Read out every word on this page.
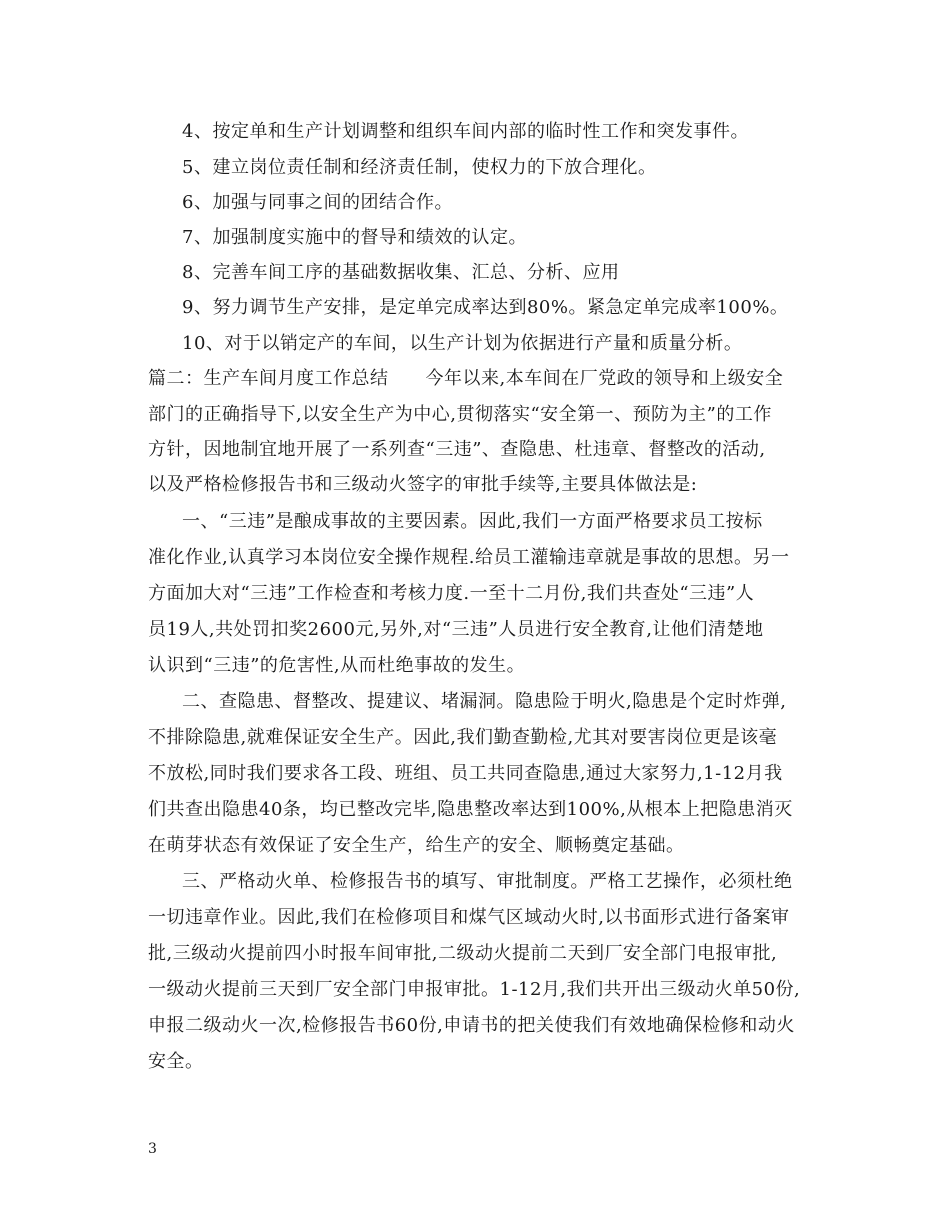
4、按定单和生产计划调整和组织车间内部的临时性工作和突发事件。
5、建立岗位责任制和经济责任制，使权力的下放合理化。
6、加强与同事之间的团结合作。
7、加强制度实施中的督导和绩效的认定。
8、完善车间工序的基础数据收集、汇总、分析、应用
9、努力调节生产安排，是定单完成率达到80%。紧急定单完成率100%。
10、对于以销定产的车间，以生产计划为依据进行产量和质量分析。
篇二：生产车间月度工作总结　　今年以来,本车间在厂党政的领导和上级安全
部门的正确指导下,以安全生产为中心,贯彻落实“安全第一、预防为主”的工作
方针，因地制宜地开展了一系列查“三违”、查隐患、杜违章、督整改的活动,
以及严格检修报告书和三级动火签字的审批手续等,主要具体做法是:
一、“三违”是酿成事故的主要因素。因此,我们一方面严格要求员工按标
准化作业,认真学习本岗位安全操作规程.给员工灌输违章就是事故的思想。另一
方面加大对“三违”工作检查和考核力度.一至十二月份,我们共查处“三违”人
员19人,共处罚扣奖2600元,另外,对“三违”人员进行安全教育,让他们清楚地
认识到“三违”的危害性,从而杜绝事故的发生。
二、查隐患、督整改、提建议、堵漏洞。隐患险于明火,隐患是个定时炸弹,
不排除隐患,就难保证安全生产。因此,我们勤查勤检,尤其对要害岗位更是该毫
不放松,同时我们要求各工段、班组、员工共同查隐患,通过大家努力,1-12月我
们共查出隐患40条，均已整改完毕,隐患整改率达到100%,从根本上把隐患消灭
在萌芽状态有效保证了安全生产，给生产的安全、顺畅奠定基础。
三、严格动火单、检修报告书的填写、审批制度。严格工艺操作，必须杜绝
一切违章作业。因此,我们在检修项目和煤气区域动火时,以书面形式进行备案审
批,三级动火提前四小时报车间审批,二级动火提前二天到厂安全部门电报审批,
一级动火提前三天到厂安全部门申报审批。1-12月,我们共开出三级动火单50份,
申报二级动火一次,检修报告书60份,申请书的把关使我们有效地确保检修和动火
安全。
3
